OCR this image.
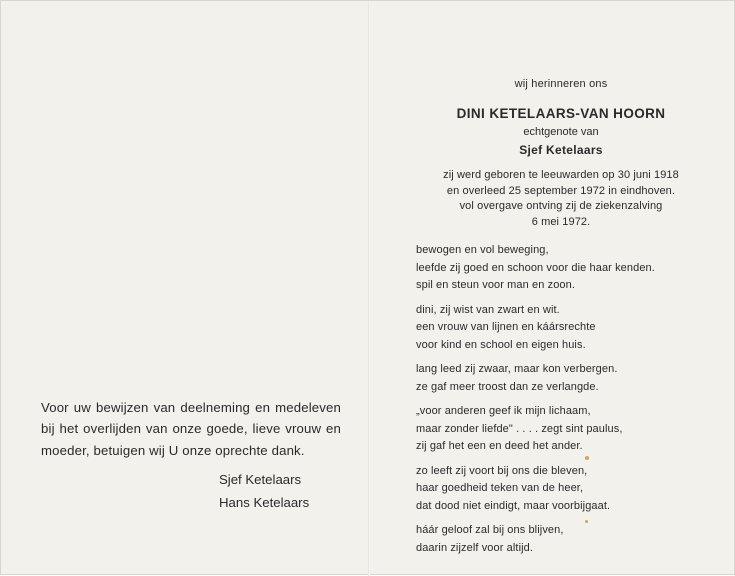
Voor uw bewijzen van deelneming en medeleven bij het overlijden van onze goede, lieve vrouw en moeder, betuigen wij U onze oprechte dank.

Sjef Ketelaars
Hans Ketelaars
wij herinneren ons
DINI KETELAARS-VAN HOORN
echtgenote van
Sjef Ketelaars
zij werd geboren te leeuwarden op 30 juni 1918
en overleed 25 september 1972 in eindhoven.
vol overgave ontving zij de ziekenzalving
6 mei 1972.
bewogen en vol beweging,
leefde zij goed en schoon voor die haar kenden.
spil en steun voor man en zoon.
dini, zij wist van zwart en wit.
een vrouw van lijnen en káársrechte
voor kind en school en eigen huis.
lang leed zij zwaar, maar kon verbergen.
ze gaf meer troost dan ze verlangde.
„voor anderen geef ik mijn lichaam,
maar zonder liefde" . . . . zegt sint paulus,
zij gaf het een en deed het ander.
zo leeft zij voort bij ons die bleven,
haar goedheid teken van de heer,
dat dood niet eindigt, maar voorbijgaat.
háár geloof zal bij ons blijven,
daarin zijzelf voor altijd.
